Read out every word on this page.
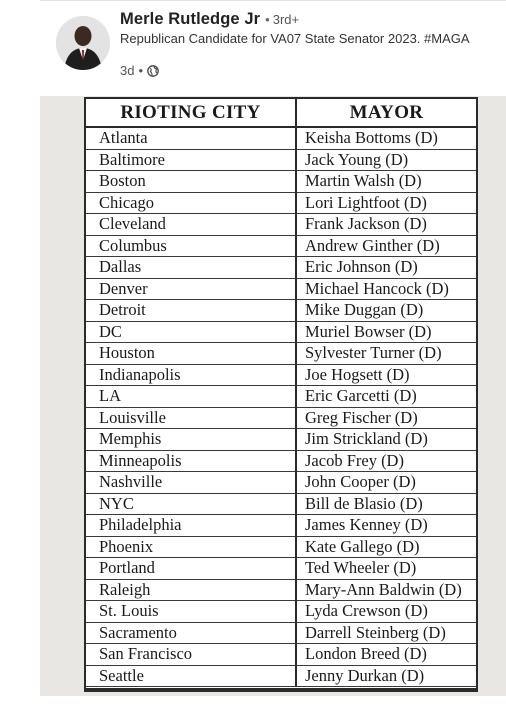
Merle Rutledge Jr • 3rd+
Republican Candidate for VA07 State Senator 2023. #MAGA
3d •
RIOTING CITY	MAYOR
Atlanta	Keisha Bottoms (D)
Baltimore	Jack Young (D)
Boston	Martin Walsh (D)
Chicago	Lori Lightfoot (D)
Cleveland	Frank Jackson (D)
Columbus	Andrew Ginther (D)
Dallas	Eric Johnson (D)
Denver	Michael Hancock (D)
Detroit	Mike Duggan (D)
DC	Muriel Bowser (D)
Houston	Sylvester Turner (D)
Indianapolis	Joe Hogsett (D)
LA	Eric Garcetti (D)
Louisville	Greg Fischer (D)
Memphis	Jim Strickland (D)
Minneapolis	Jacob Frey (D)
Nashville	John Cooper (D)
NYC	Bill de Blasio (D)
Philadelphia	James Kenney (D)
Phoenix	Kate Gallego (D)
Portland	Ted Wheeler (D)
Raleigh	Mary-Ann Baldwin (D)
St. Louis	Lyda Crewson (D)
Sacramento	Darrell Steinberg (D)
San Francisco	London Breed (D)
Seattle	Jenny Durkan (D)
